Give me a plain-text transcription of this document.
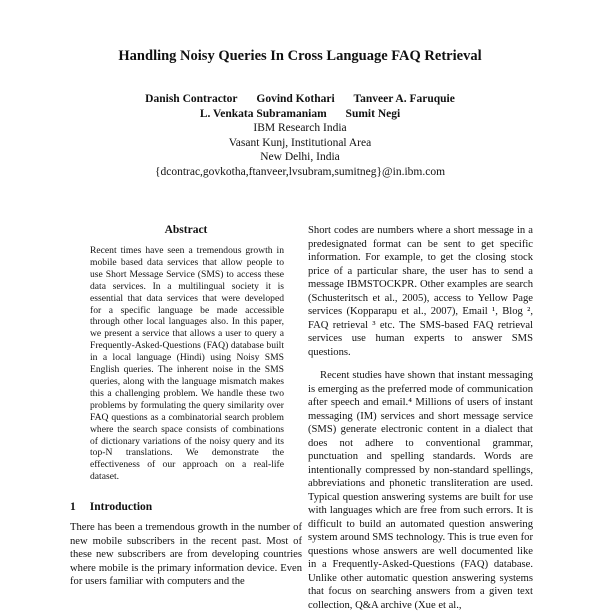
Handling Noisy Queries In Cross Language FAQ Retrieval
Danish Contractor Govind Kothari Tanveer A. Faruquie
L. Venkata Subramaniam Sumit Negi
IBM Research India
Vasant Kunj, Institutional Area
New Delhi, India
{dcontrac,govkotha,ftanveer,lvsubram,sumitneg}@in.ibm.com
Abstract

Recent times have seen a tremendous growth in mobile based data services that allow people to use Short Message Service (SMS) to access these data services. In a multilingual society it is essential that data services that were developed for a specific language be made accessible through other local languages also. In this paper, we present a service that allows a user to query a Frequently-Asked-Questions (FAQ) database built in a local language (Hindi) using Noisy SMS English queries. The inherent noise in the SMS queries, along with the language mismatch makes this a challenging problem. We handle these two problems by formulating the query similarity over FAQ questions as a combinatorial search problem where the search space consists of combinations of dictionary variations of the noisy query and its top-N translations. We demonstrate the effectiveness of our approach on a real-life dataset.

1 Introduction

There has been a tremendous growth in the number of new mobile subscribers in the recent past. Most of these new subscribers are from developing countries where mobile is the primary information device. Even for users familiar with computers and the

Short codes are numbers where a short message in a predesignated format can be sent to get specific information. For example, to get the closing stock price of a particular share, the user has to send a message IBMSTOCKPR. Other examples are search (Schusteritsch et al., 2005), access to Yellow Page services (Kopparapu et al., 2007), Email ¹, Blog ², FAQ retrieval ³ etc. The SMS-based FAQ retrieval services use human experts to answer SMS questions.

Recent studies have shown that instant messaging is emerging as the preferred mode of communication after speech and email.⁴ Millions of users of instant messaging (IM) services and short message service (SMS) generate electronic content in a dialect that does not adhere to conventional grammar, punctuation and spelling standards. Words are intentionally compressed by non-standard spellings, abbreviations and phonetic transliteration are used. Typical question answering systems are built for use with languages which are free from such errors. It is difficult to build an automated question answering system around SMS technology. This is true even for questions whose answers are well documented like in a Frequently-Asked-Questions (FAQ) database. Unlike other automatic question answering systems that focus on searching answers from a given text collection, Q&A archive (Xue et al.,
